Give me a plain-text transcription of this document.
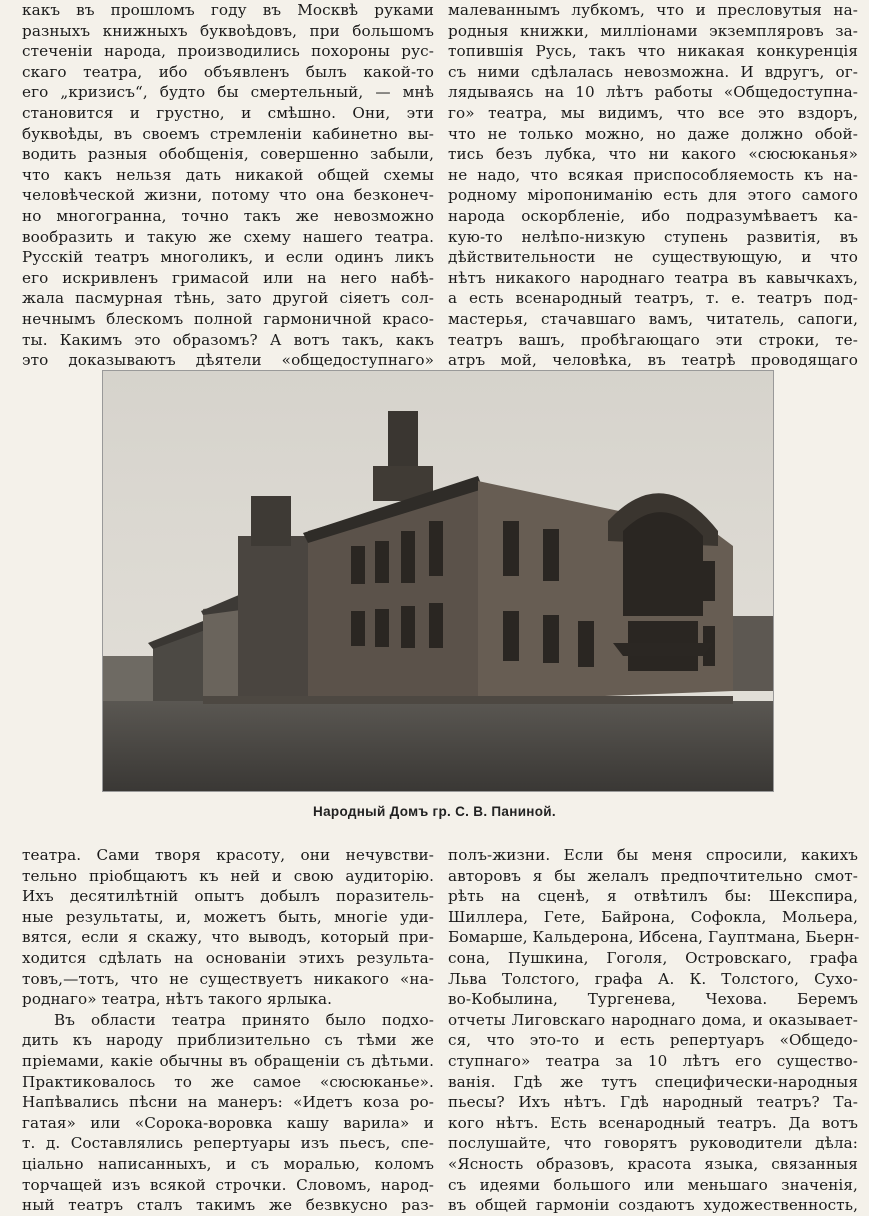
какъ въ прошломъ году въ Москвѣ руками

разныхъ книжныхъ буквоѣдовъ, при большомъ

стеченіи народа, производились похороны рус-

скаго театра, ибо объявленъ былъ какой-то

его „кризисъ“, будто бы смертельный, — мнѣ

становится и грустно, и смѣшно. Они, эти

буквоѣды, въ своемъ стремленіи кабинетно вы-

водить разныя обобщенія, совершенно забыли,

что какъ нельзя дать никакой общей схемы

человѣческой жизни, потому что она безконеч-

но многогранна, точно такъ же невозможно

вообразить и такую же схему нашего театра.

Русскій театръ многоликъ, и если одинъ ликъ

его искривленъ гримасой или на него набѣ-

жала пасмурная тѣнь, зато другой сіяетъ сол-

нечнымъ блескомъ полной гармоничной красо-

ты. Какимъ это образомъ? А вотъ такъ, какъ

это доказываютъ дѣятели «общедоступнаго»

малеваннымъ лубкомъ, что и пресловутыя на-

родныя книжки, милліонами экземпляровъ за-

топившія Русь, такъ что никакая конкуренція

съ ними сдѣлалась невозможна. И вдругъ, ог-

лядываясь на 10 лѣтъ работы «Общедоступна-

го» театра, мы видимъ, что все это вздоръ,

что не только можно, но даже должно обой-

тись безъ лубка, что ни какого «сюсюканья»

не надо, что всякая приспособляемость къ на-

родному міропониманію есть для этого самого

народа оскорбленіе, ибо подразумѣваетъ ка-

кую-то нелѣпо-низкую ступень развитія, въ

дѣйствительности не существующую, и что

нѣтъ никакого народнаго театра въ кавычкахъ,

а есть всенародный театръ, т. е. театръ под-

мастерья, стачавшаго вамъ, читатель, сапоги,

театръ вашъ, пробѣгающаго эти строки, те-

атръ мой, человѣка, въ театрѣ проводящаго

Народный Домъ гр. С. В. Паниной.

театра. Сами творя красоту, они нечувстви-

тельно пріобщаютъ къ ней и свою аудиторію.

Ихъ десятилѣтній опытъ добылъ поразитель-

ные результаты, и, можетъ быть, многіе уди-

вятся, если я скажу, что выводъ, который при-

ходится сдѣлать на основаніи этихъ результа-

товъ,—тотъ, что не существуетъ никакого «на-

роднаго» театра, нѣтъ такого ярлыка.

Въ области театра принято было подхо-

дить къ народу приблизительно съ тѣми же

пріемами, какіе обычны въ обращеніи съ дѣтьми.

Практиковалось то же самое «сюсюканье».

Напѣвались пѣсни на манеръ: «Идетъ коза ро-

гатая» или «Сорока-воровка кашу варила» и

т. д. Составлялись репертуары изъ пьесъ, спе-

ціально написанныхъ, и съ моралью, коломъ

торчащей изъ всякой строчки. Словомъ, народ-

ный театръ сталъ такимъ же безвкусно раз-

полъ-жизни. Если бы меня спросили, какихъ

авторовъ я бы желалъ предпочтительно смот-

рѣть на сценѣ, я отвѣтилъ бы: Шекспира,

Шиллера, Гете, Байрона, Софокла, Мольера,

Бомарше, Кальдерона, Ибсена, Гауптмана, Бьерн-

сона, Пушкина, Гоголя, Островскаго, графа

Льва Толстого, графа А. К. Толстого, Сухо-

во-Кобылина, Тургенева, Чехова. Беремъ

отчеты Лиговскаго народнаго дома, и оказывает-

ся, что это-то и есть репертуаръ «Общедо-

ступнаго» театра за 10 лѣтъ его существо-

ванія. Гдѣ же тутъ специфически-народныя

пьесы? Ихъ нѣтъ. Гдѣ народный театръ? Та-

кого нѣтъ. Есть всенародный театръ. Да вотъ

послушайте, что говорятъ руководители дѣла:

«Ясность образовъ, красота языка, связанныя

съ идеями большого или меньшаго значенія,

въ общей гармоніи создаютъ художественность,
